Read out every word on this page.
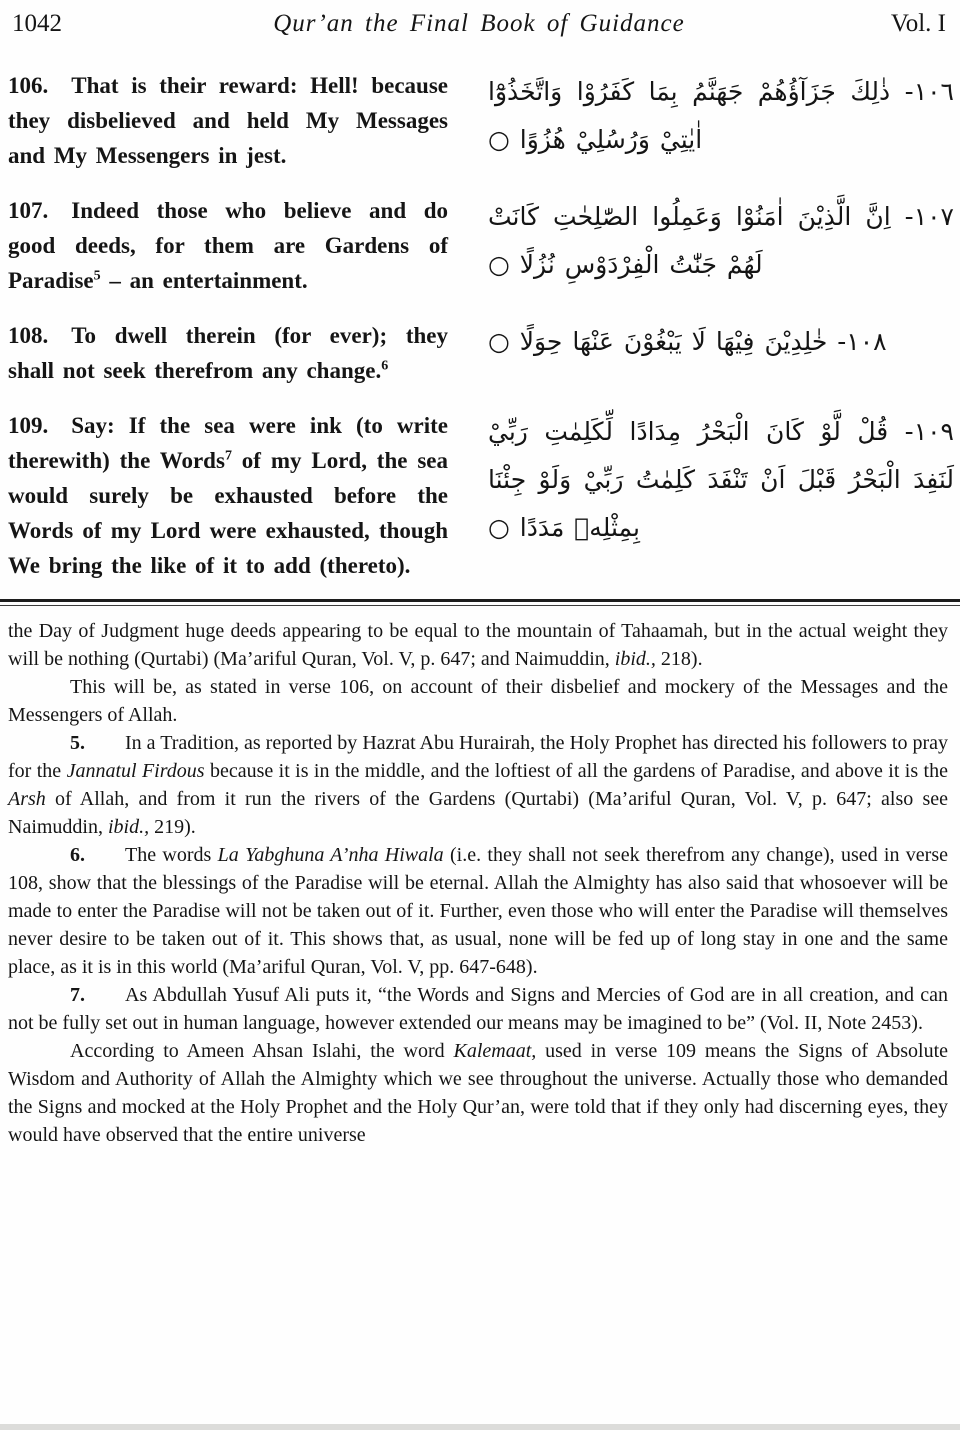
1042	Qur’an the Final Book of Guidance	Vol. I
106. That is their reward: Hell! because they disbelieved and held My Messages and My Messengers in jest.
١٠٦- ذٰلِكَ جَزَآؤُهُمْ جَهَنَّمُ بِمَا كَفَرُوْا وَاتَّخَذُوْٓا اٰيٰتِيْ وَرُسُلِيْ هُزُوًا ○
107. Indeed those who believe and do good deeds, for them are Gardens of Paradise$^5$ – an entertainment.
١٠٧- اِنَّ الَّذِيْنَ اٰمَنُوْا وَعَمِلُوا الصّٰلِحٰتِ كَانَتْ لَهُمْ جَنّٰتُ الْفِرْدَوْسِ نُزُلًا ○
108. To dwell therein (for ever); they shall not seek therefrom any change.$^6$
١٠٨- خٰلِدِيْنَ فِيْهَا لَا يَبْغُوْنَ عَنْهَا حِوَلًا ○
109. Say: If the sea were ink (to write therewith) the Words$^7$ of my Lord, the sea would surely be exhausted before the Words of my Lord were exhausted, though We bring the like of it to add (thereto).
١٠٩- قُلْ لَّوْ كَانَ الْبَحْرُ مِدَادًا لِّكَلِمٰتِ رَبِّيْ لَنَفِدَ الْبَحْرُ قَبْلَ اَنْ تَنْفَدَ كَلِمٰتُ رَبِّيْ وَلَوْ جِئْنَا بِمِثْلِهٖ مَدَدًا ○

the Day of Judgment huge deeds appearing to be equal to the mountain of Tahaamah, but in the actual weight they will be nothing (Qurtabi) (Ma’ariful Quran, Vol. V, p. 647; and Naimuddin, ibid., 218).

This will be, as stated in verse 106, on account of their disbelief and mockery of the Messages and the Messengers of Allah.

5. In a Tradition, as reported by Hazrat Abu Hurairah, the Holy Prophet has directed his followers to pray for the Jannatul Firdous because it is in the middle, and the loftiest of all the gardens of Paradise, and above it is the Arsh of Allah, and from it run the rivers of the Gardens (Qurtabi) (Ma’ariful Quran, Vol. V, p. 647; also see Naimuddin, ibid., 219).

6. The words La Yabghuna A’nha Hiwala (i.e. they shall not seek therefrom any change), used in verse 108, show that the blessings of the Paradise will be eternal. Allah the Almighty has also said that whosoever will be made to enter the Paradise will not be taken out of it. Further, even those who will enter the Paradise will themselves never desire to be taken out of it. This shows that, as usual, none will be fed up of long stay in one and the same place, as it is in this world (Ma’ariful Quran, Vol. V, pp. 647-648).

7. As Abdullah Yusuf Ali puts it, “the Words and Signs and Mercies of God are in all creation, and can not be fully set out in human language, however extended our means may be imagined to be” (Vol. II, Note 2453).

According to Ameen Ahsan Islahi, the word Kalemaat, used in verse 109 means the Signs of Absolute Wisdom and Authority of Allah the Almighty which we see throughout the universe. Actually those who demanded the Signs and mocked at the Holy Prophet and the Holy Qur’an, were told that if they only had discerning eyes, they would have observed that the entire universe
